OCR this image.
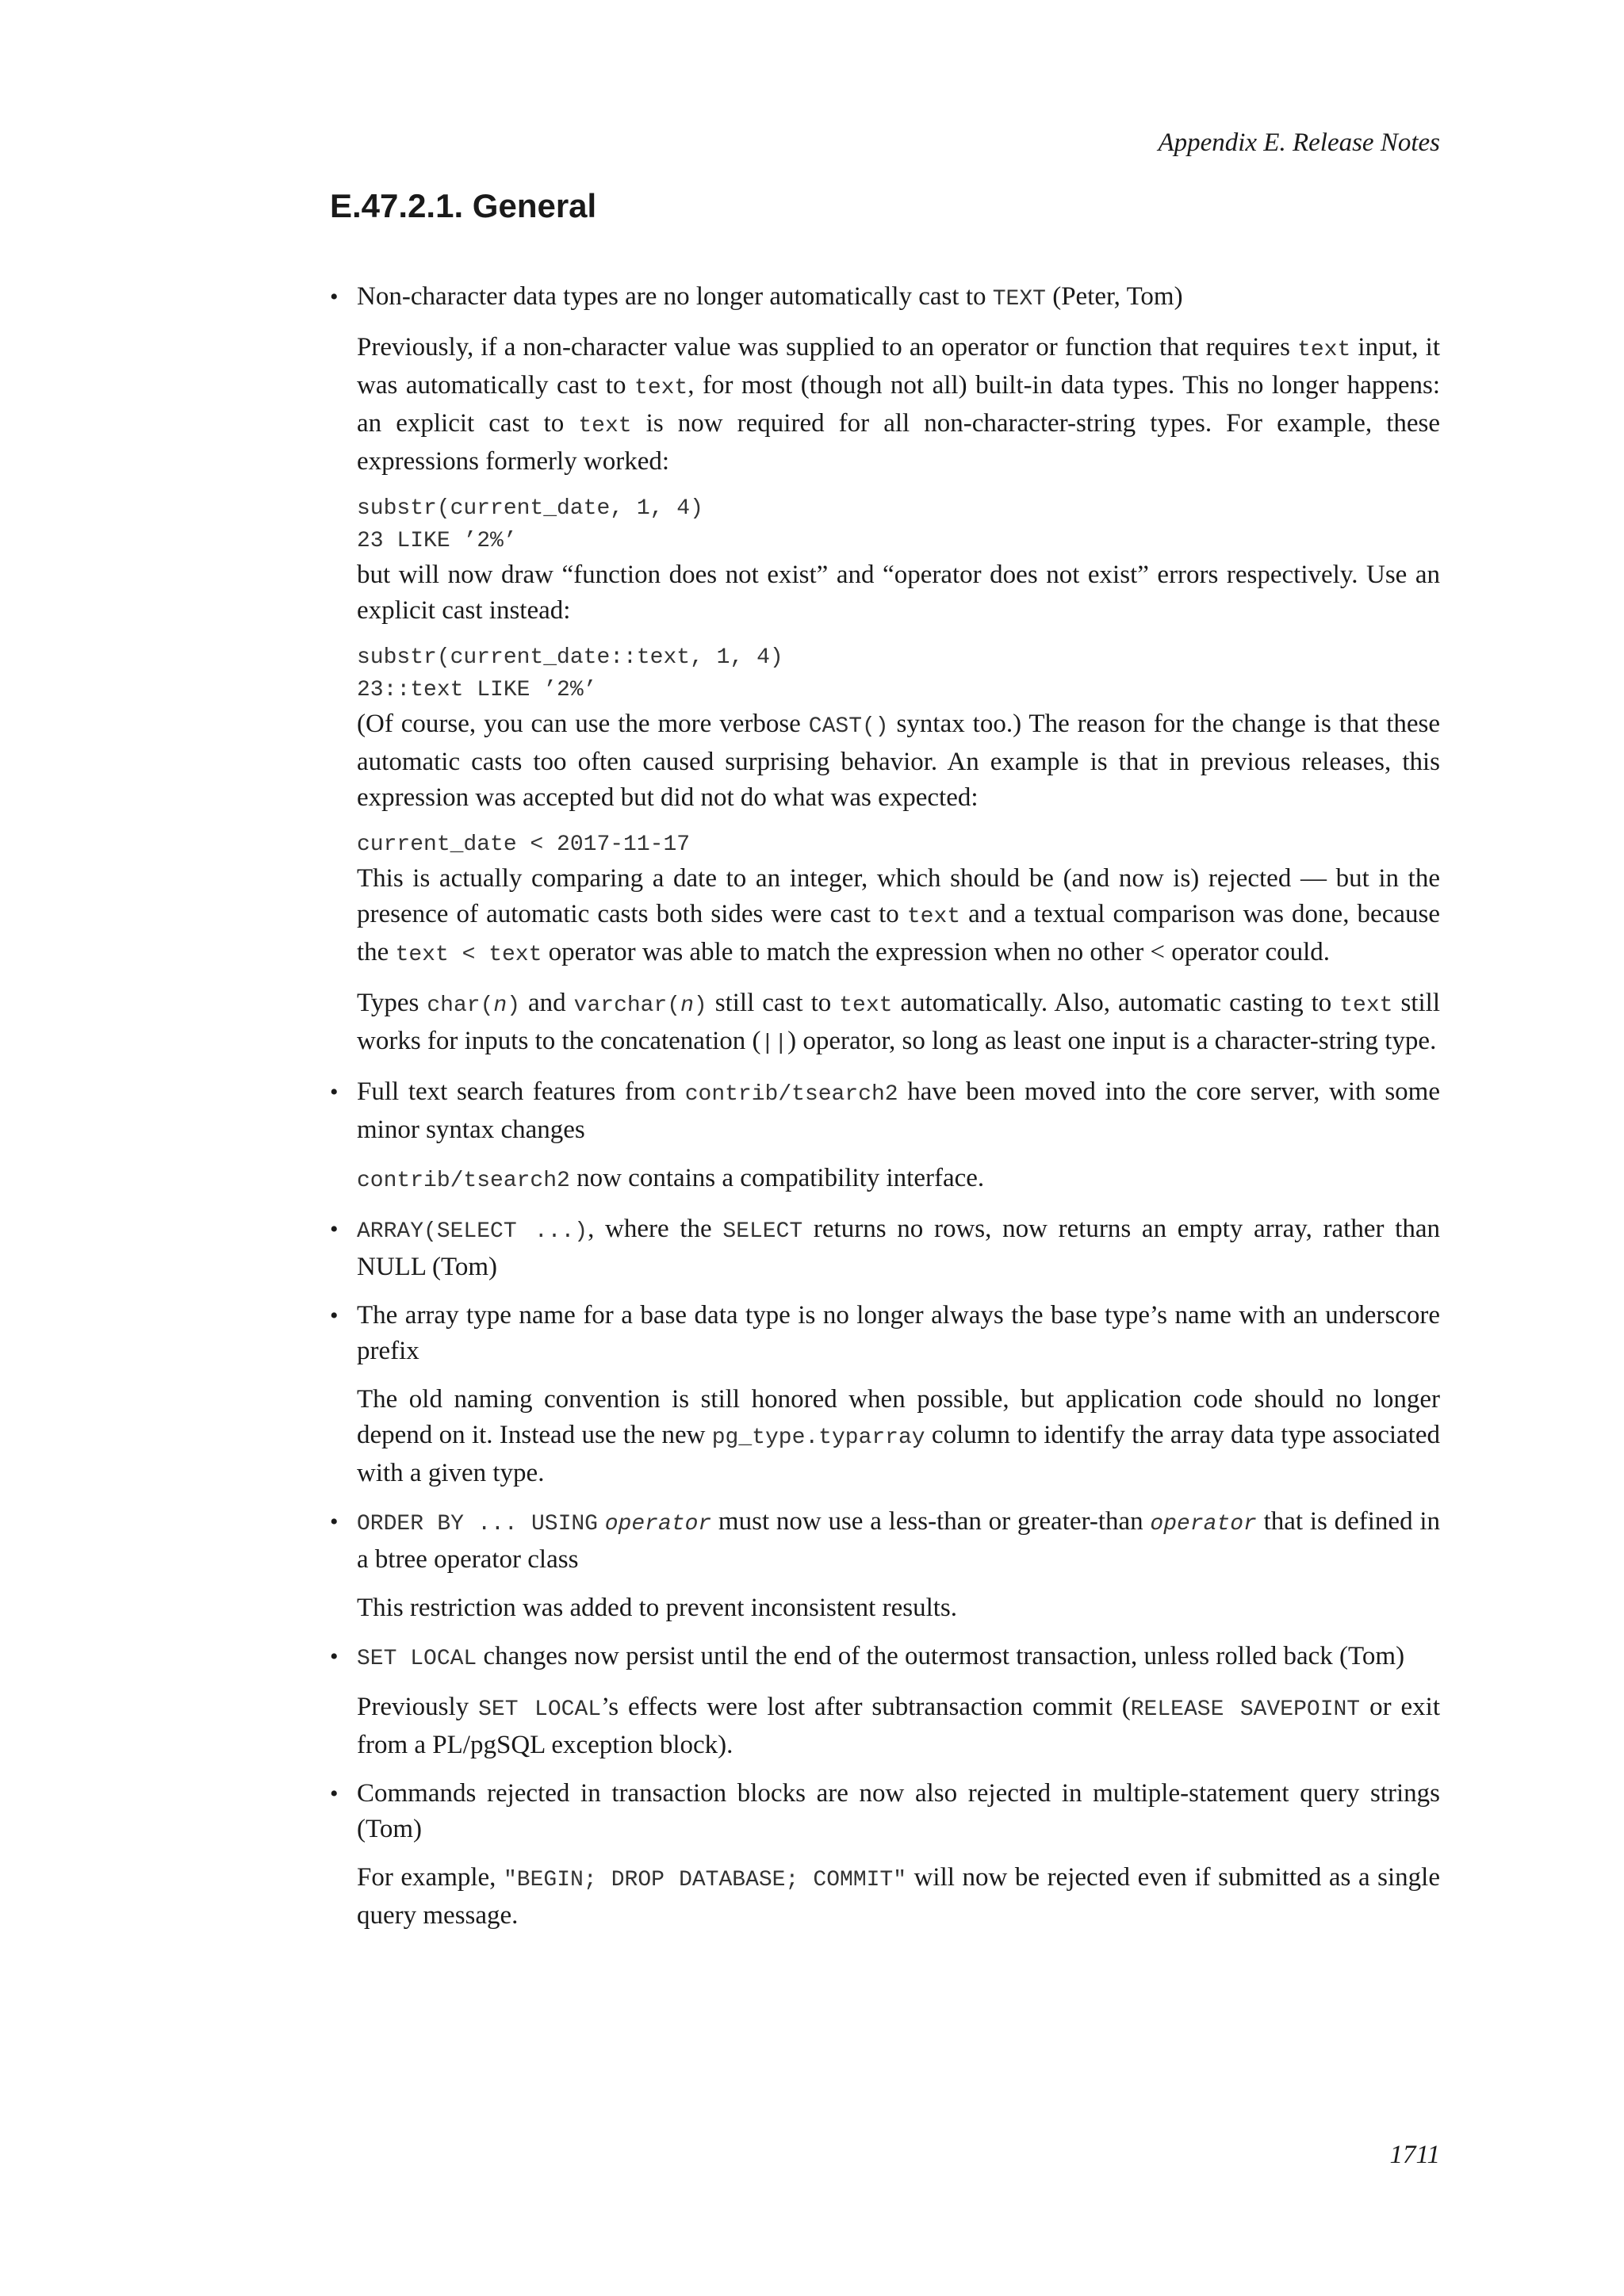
Appendix E. Release Notes
E.47.2.1. General
• Non-character data types are no longer automatically cast to TEXT (Peter, Tom)

Previously, if a non-character value was supplied to an operator or function that requires text input, it was automatically cast to text, for most (though not all) built-in data types. This no longer happens: an explicit cast to text is now required for all non-character-string types. For example, these expressions formerly worked:

substr(current_date, 1, 4)
23 LIKE ’2%’

but will now draw “function does not exist” and “operator does not exist” errors respectively. Use an explicit cast instead:

substr(current_date::text, 1, 4)
23::text LIKE ’2%’

(Of course, you can use the more verbose CAST() syntax too.) The reason for the change is that these automatic casts too often caused surprising behavior. An example is that in previous releases, this expression was accepted but did not do what was expected:

current_date < 2017-11-17

This is actually comparing a date to an integer, which should be (and now is) rejected — but in the presence of automatic casts both sides were cast to text and a textual comparison was done, because the text < text operator was able to match the expression when no other < operator could.

Types char(n) and varchar(n) still cast to text automatically. Also, automatic casting to text still works for inputs to the concatenation (||) operator, so long as least one input is a character-string type.

• Full text search features from contrib/tsearch2 have been moved into the core server, with some minor syntax changes

contrib/tsearch2 now contains a compatibility interface.

• ARRAY(SELECT ...), where the SELECT returns no rows, now returns an empty array, rather than NULL (Tom)

• The array type name for a base data type is no longer always the base type’s name with an underscore prefix

The old naming convention is still honored when possible, but application code should no longer depend on it. Instead use the new pg_type.typarray column to identify the array data type associated with a given type.

• ORDER BY ... USING operator must now use a less-than or greater-than operator that is defined in a btree operator class

This restriction was added to prevent inconsistent results.

• SET LOCAL changes now persist until the end of the outermost transaction, unless rolled back (Tom)

Previously SET LOCAL’s effects were lost after subtransaction commit (RELEASE SAVEPOINT or exit from a PL/pgSQL exception block).

• Commands rejected in transaction blocks are now also rejected in multiple-statement query strings (Tom)

For example, "BEGIN; DROP DATABASE; COMMIT" will now be rejected even if submitted as a single query message.

1711
